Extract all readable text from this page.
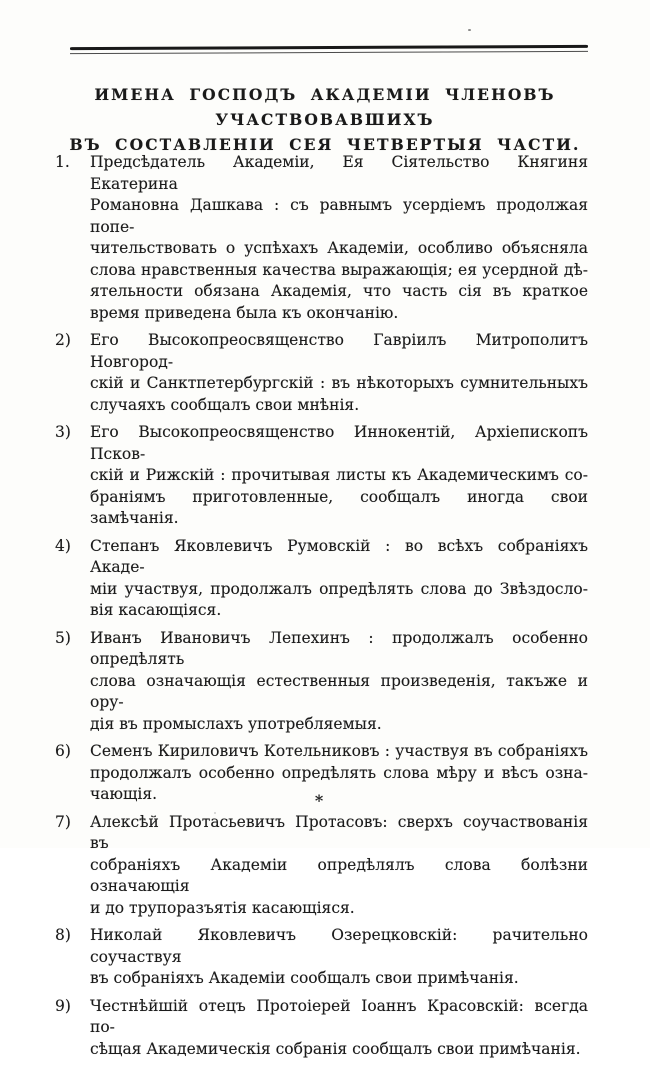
ИМЕНА ГОСПОДЪ АКАДЕМІИ ЧЛЕНОВЪ УЧАСТВОВАВШИХЪ
ВЪ СОСТАВЛЕНІИ СЕЯ ЧЕТВЕРТЫЯ ЧАСТИ.
1.	Предсѣдатель Академіи, Ея Сіятельство Княгиня Екатерина
Романовна Дашкава : съ равнымъ усердіемъ продолжая попе-
чительствовать о успѣхахъ Академіи, особливо объясняла
слова нравственныя качества выражающія; ея усердной дѣ-
ятельности обязана Академія, что часть сія въ краткое
время приведена была къ окончанію.
2)	Его Высокопреосвященство Гавріилъ Митрополитъ Новгород-
скій и Санктпетербургскій : въ нѣкоторыхъ сумнительныхъ
случаяхъ сообщалъ свои мнѣнія.
3)	Его Высокопреосвященство Иннокентій, Архіепископъ Псков-
скій и Рижскій : прочитывая листы къ Академическимъ со-
браніямъ приготовленные, сообщалъ иногда свои замѣчанія.
4)	Степанъ Яковлевичъ Румовскій : во всѣхъ собраніяхъ Акаде-
міи участвуя, продолжалъ опредѣлять слова до Звѣздосло-
вія касающіяся.
5)	Иванъ Ивановичъ Лепехинъ : продолжалъ особенно опредѣлять
слова означающія естественныя произведенія, такъже и ору-
дія въ промыслахъ употребляемыя.
6)	Семенъ Кириловичъ Котельниковъ : участвуя въ собраніяхъ
продолжалъ особенно опредѣлять слова мѣру и вѣсъ озна-
чающія.
7)	Алексѣй Протасьевичъ Протасовъ: сверхъ соучаствованія въ
собраніяхъ Академіи опредѣлялъ слова болѣзни означающія
и до трупоразъятія касающіяся.
8)	Николай Яковлевичъ Озерецковскій: рачительно соучаствуя
въ собраніяхъ Академіи сообщалъ свои примѣчанія.
9)	Честнѣйшій отецъ Протоіерей Іоаннъ Красовскій: всегда по-
сѣщая Академическія собранія сообщалъ свои примѣчанія.
*
